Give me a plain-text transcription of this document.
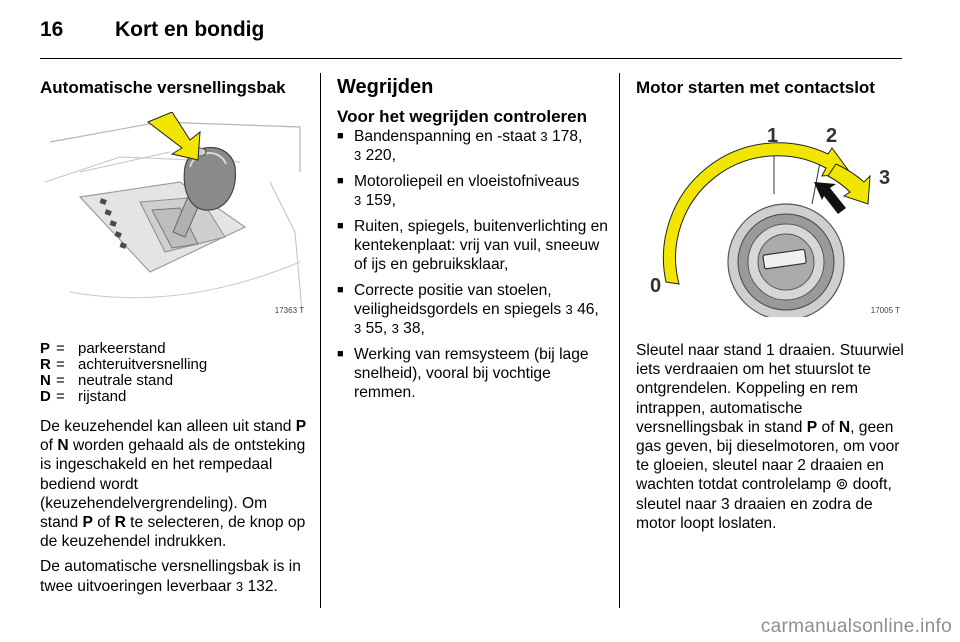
16 Kort en bondig
Automatische versnellingsbak
17363 T
P = parkeerstand
R = achteruitversnelling
N = neutrale stand
D = rijstand

De keuzehendel kan alleen uit stand P of N worden gehaald als de ontsteking is ingeschakeld en het rempedaal bediend wordt (keuzehendelvergrendeling). Om stand P of R te selecteren, de knop op de keuzehendel indrukken.

De automatische versnellingsbak is in twee uitvoeringen leverbaar 3 132.

Wegrijden
Voor het wegrijden controleren
■ Bandenspanning en -staat 3 178,
3 220,
■ Motoroliepeil en vloeistofniveaus
3 159,
■ Ruiten, spiegels, buitenverlichting en kentekenplaat: vrij van vuil, sneeuw of ijs en gebruiksklaar,
■ Correcte positie van stoelen, veiligheidsgordels en spiegels 3 46,
3 55, 3 38,
■ Werking van remsysteem (bij lage snelheid), vooral bij vochtige remmen.
Motor starten met contactslot
0
1 2
3
17005 T

Sleutel naar stand 1 draaien. Stuurwiel iets verdraaien om het stuurslot te ontgrendelen. Koppeling en rem intrappen, automatische versnellingsbak in stand P of N, geen gas geven, bij dieselmotoren, om voor te gloeien, sleutel naar 2 draaien en wachten totdat controlelamp ⊚ dooft, sleutel naar 3 draaien en zodra de motor loopt loslaten.

carmanualsonline.info
